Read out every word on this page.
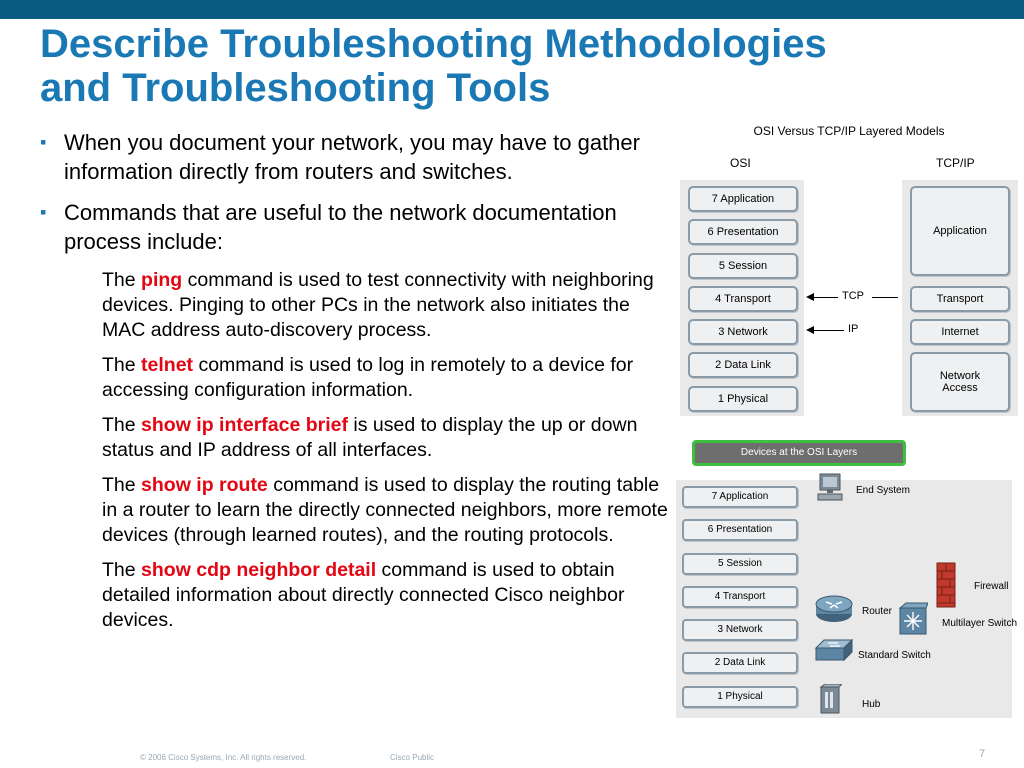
Describe Troubleshooting Methodologies
and Troubleshooting Tools
▪ When you document your network, you may have to gather information directly from routers and switches.
▪ Commands that are useful to the network documentation process include:
The ping command is used to test connectivity with neighboring devices. Pinging to other PCs in the network also initiates the MAC address auto-discovery process.
The telnet command is used to log in remotely to a device for accessing configuration information.
The show ip interface brief is used to display the up or down status and IP address of all interfaces.
The show ip route command is used to display the routing table in a router to learn the directly connected neighbors, more remote devices (through learned routes), and the routing protocols.
The show cdp neighbor detail command is used to obtain detailed information about directly connected Cisco neighbor devices.
OSI Versus TCP/IP Layered Models
OSI	TCP/IP
7 Application
6 Presentation
5 Session
4 Transport
3 Network
2 Data Link
1 Physical
TCP
IP
Application
Transport
Internet
Network Access
Devices at the OSI Layers
7 Application
6 Presentation
5 Session
4 Transport
3 Network
2 Data Link
1 Physical
End System
Firewall
Router
Multilayer Switch
Standard Switch
Hub
© 2006 Cisco Systems, Inc. All rights reserved.	Cisco Public	7
